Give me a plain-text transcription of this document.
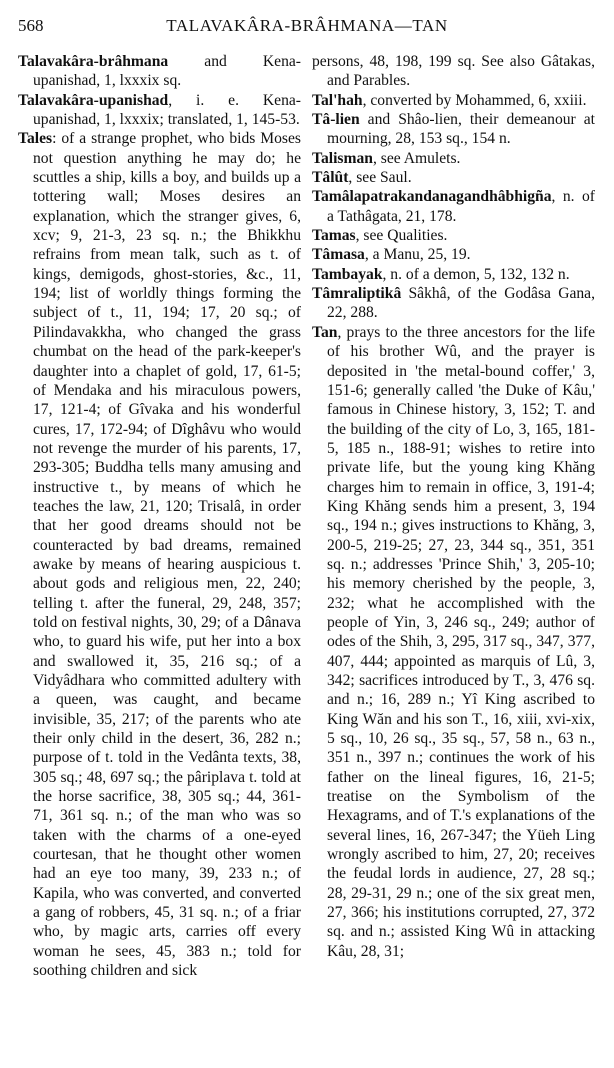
568	TALAVAKÂRA-BRÂHMANA—TAN

Talavakâra-brâhmana and Kena-upanishad, 1, lxxxix sq.

Talavakâra-upanishad, i. e. Kena-upanishad, 1, lxxxix; translated, 1, 145-53.

Tales: of a strange prophet, who bids Moses not question anything he may do; he scuttles a ship, kills a boy, and builds up a tottering wall; Moses desires an explanation, which the stranger gives, 6, xcv; 9, 21-3, 23 sq. n.; the Bhikkhu refrains from mean talk, such as t. of kings, demigods, ghost-stories, &c., 11, 194; list of worldly things forming the subject of t., 11, 194; 17, 20 sq.; of Pilindavakkha, who changed the grass chumbat on the head of the park-keeper's daughter into a chaplet of gold, 17, 61-5; of Mendaka and his miraculous powers, 17, 121-4; of Gîvaka and his wonderful cures, 17, 172-94; of Dîghâvu who would not revenge the murder of his parents, 17, 293-305; Buddha tells many amusing and instructive t., by means of which he teaches the law, 21, 120; Trisalâ, in order that her good dreams should not be counteracted by bad dreams, remained awake by means of hearing auspicious t. about gods and religious men, 22, 240; telling t. after the funeral, 29, 248, 357; told on festival nights, 30, 29; of a Dânava who, to guard his wife, put her into a box and swallowed it, 35, 216 sq.; of a Vidyâdhara who committed adultery with a queen, was caught, and became invisible, 35, 217; of the parents who ate their only child in the desert, 36, 282 n.; purpose of t. told in the Vedânta texts, 38, 305 sq.; 48, 697 sq.; the pâriplava t. told at the horse sacrifice, 38, 305 sq.; 44, 361-71, 361 sq. n.; of the man who was so taken with the charms of a one-eyed courtesan, that he thought other women had an eye too many, 39, 233 n.; of Kapila, who was converted, and converted a gang of robbers, 45, 31 sq. n.; of a friar who, by magic arts, carries off every woman he sees, 45, 383 n.; told for soothing children and sick

persons, 48, 198, 199 sq. See also Gâtakas, and Parables.

Tal'hah, converted by Mohammed, 6, xxiii.

Tâ-lien and Shâo-lien, their demeanour at mourning, 28, 153 sq., 154 n.

Talisman, see Amulets.

Tâlût, see Saul.

Tamâlapatrakandanagandhâbhigña, n. of a Tathâgata, 21, 178.

Tamas, see Qualities.

Tâmasa, a Manu, 25, 19.

Tambayak, n. of a demon, 5, 132, 132 n.

Tâmraliptikâ Sâkhâ, of the Godâsa Gana, 22, 288.

Tan, prays to the three ancestors for the life of his brother Wû, and the prayer is deposited in 'the metal-bound coffer,' 3, 151-6; generally called 'the Duke of Kâu,' famous in Chinese history, 3, 152; T. and the building of the city of Lo, 3, 165, 181-5, 185 n., 188-91; wishes to retire into private life, but the young king Khăng charges him to remain in office, 3, 191-4; King Khăng sends him a present, 3, 194 sq., 194 n.; gives instructions to Khăng, 3, 200-5, 219-25; 27, 23, 344 sq., 351, 351 sq. n.; addresses 'Prince Shih,' 3, 205-10; his memory cherished by the people, 3, 232; what he accomplished with the people of Yin, 3, 246 sq., 249; author of odes of the Shih, 3, 295, 317 sq., 347, 377, 407, 444; appointed as marquis of Lû, 3, 342; sacrifices introduced by T., 3, 476 sq. and n.; 16, 289 n.; Yî King ascribed to King Wăn and his son T., 16, xiii, xvi-xix, 5 sq., 10, 26 sq., 35 sq., 57, 58 n., 63 n., 351 n., 397 n.; continues the work of his father on the lineal figures, 16, 21-5; treatise on the Symbolism of the Hexagrams, and of T.'s explanations of the several lines, 16, 267-347; the Yüeh Ling wrongly ascribed to him, 27, 20; receives the feudal lords in audience, 27, 28 sq.; 28, 29-31, 29 n.; one of the six great men, 27, 366; his institutions corrupted, 27, 372 sq. and n.; assisted King Wû in attacking Kâu, 28, 31;
